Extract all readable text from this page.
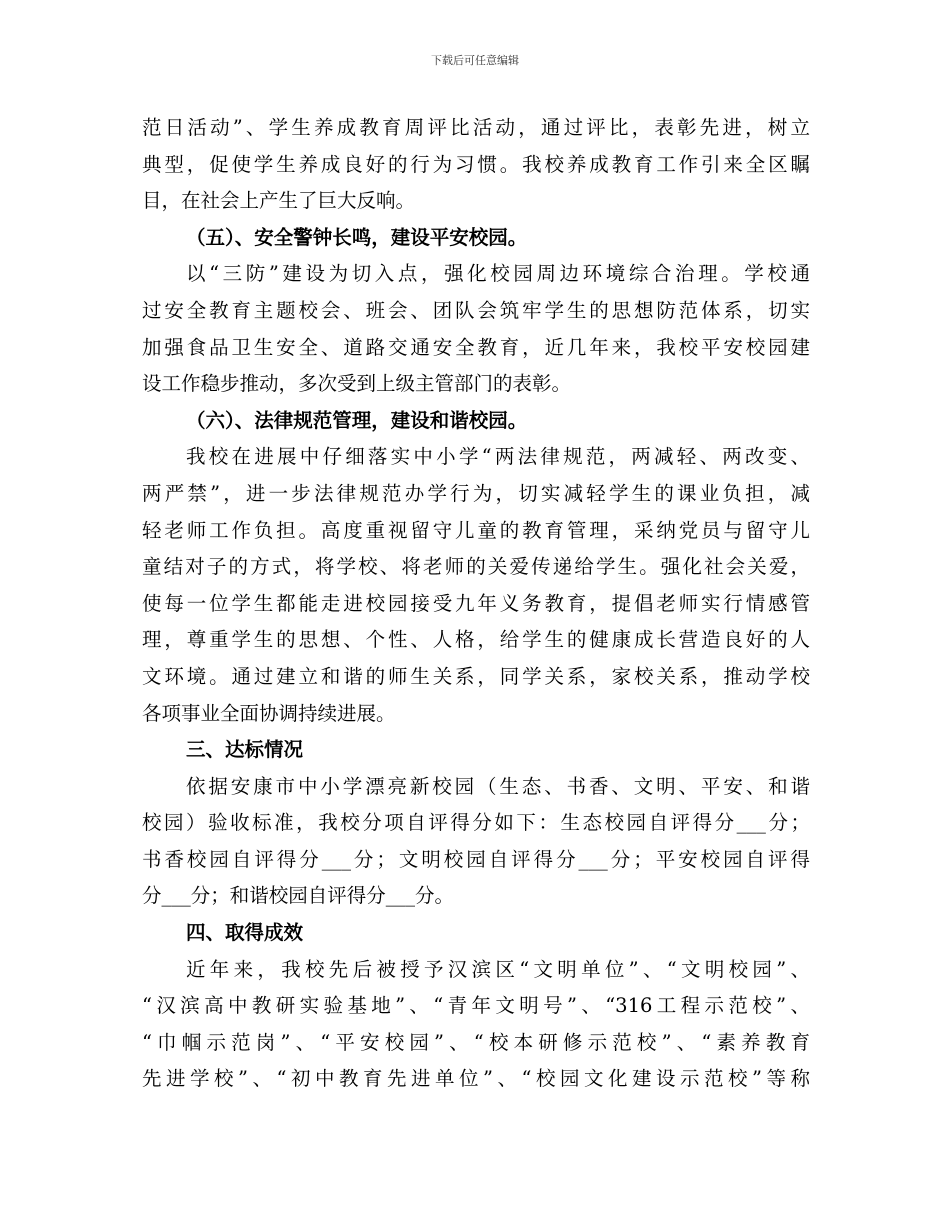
下载后可任意编辑
范日活动”、学生养成教育周评比活动，通过评比，表彰先进，树立
典型，促使学生养成良好的行为习惯。我校养成教育工作引来全区瞩
目，在社会上产生了巨大反响。
（五）、安全警钟长鸣，建设平安校园。
以“三防”建设为切入点，强化校园周边环境综合治理。学校通
过安全教育主题校会、班会、团队会筑牢学生的思想防范体系，切实
加强食品卫生安全、道路交通安全教育，近几年来，我校平安校园建
设工作稳步推动，多次受到上级主管部门的表彰。
（六）、法律规范管理，建设和谐校园。
我校在进展中仔细落实中小学“两法律规范，两减轻、两改变、
两严禁”，进一步法律规范办学行为，切实减轻学生的课业负担，减
轻老师工作负担。高度重视留守儿童的教育管理，采纳党员与留守儿
童结对子的方式，将学校、将老师的关爱传递给学生。强化社会关爱，
使每一位学生都能走进校园接受九年义务教育，提倡老师实行情感管
理，尊重学生的思想、个性、人格，给学生的健康成长营造良好的人
文环境。通过建立和谐的师生关系，同学关系，家校关系，推动学校
各项事业全面协调持续进展。
三、达标情况
依据安康市中小学漂亮新校园（生态、书香、文明、平安、和谐
校园）验收标准，我校分项自评得分如下：生态校园自评得分___分；
书香校园自评得分___分；文明校园自评得分___分；平安校园自评得
分___分；和谐校园自评得分___分。
四、取得成效
近年来，我校先后被授予汉滨区“文明单位”、“文明校园”、
“汉滨高中教研实验基地”、“青年文明号”、“316工程示范校”、
“巾帼示范岗”、“平安校园”、“校本研修示范校”、“素养教育
先进学校”、“初中教育先进单位”、“校园文化建设示范校”等称
